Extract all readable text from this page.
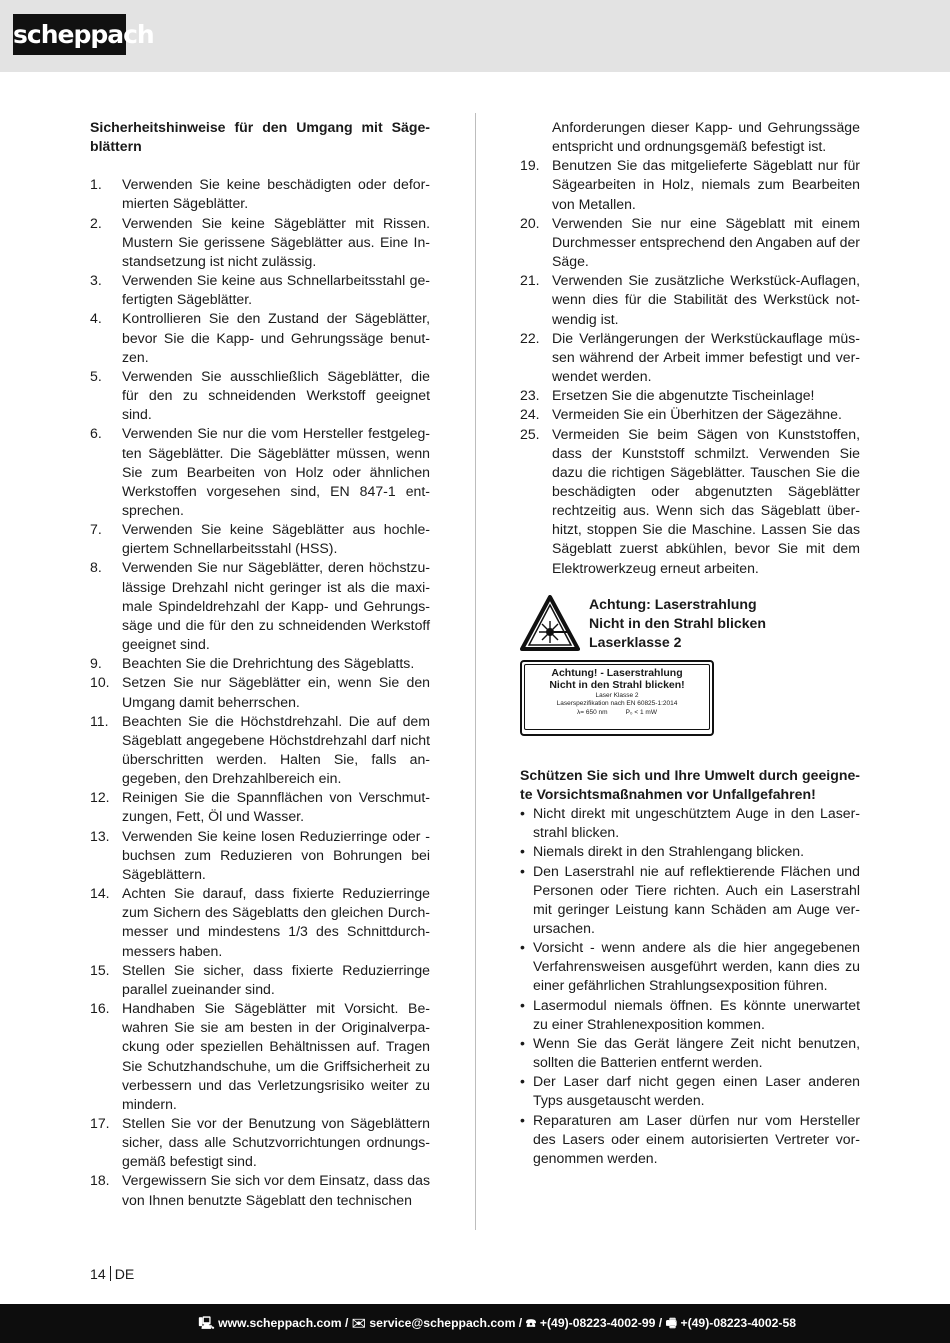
scheppach

Sicherheitshinweise für den Umgang mit Sägeblättern

1. Verwenden Sie keine beschädigten oder deformierten Sägeblätter.
2. Verwenden Sie keine Sägeblätter mit Rissen. Mustern Sie gerissene Sägeblätter aus. Eine Instandsetzung ist nicht zulässig.
3. Verwenden Sie keine aus Schnellarbeitsstahl gefertigten Sägeblätter.
4. Kontrollieren Sie den Zustand der Sägeblätter, bevor Sie die Kapp- und Gehrungssäge benutzen.
5. Verwenden Sie ausschließlich Sägeblätter, die für den zu schneidenden Werkstoff geeignet sind.
6. Verwenden Sie nur die vom Hersteller festgelegten Sägeblätter. Die Sägeblätter müssen, wenn Sie zum Bearbeiten von Holz oder ähnlichen Werkstoffen vorgesehen sind, EN 847-1 entsprechen.
7. Verwenden Sie keine Sägeblätter aus hochlegiertem Schnellarbeitsstahl (HSS).
8. Verwenden Sie nur Sägeblätter, deren höchstzulässige Drehzahl nicht geringer ist als die maximale Spindeldrehzahl der Kapp- und Gehrungssäge und die für den zu schneidenden Werkstoff geeignet sind.
9. Beachten Sie die Drehrichtung des Sägeblatts.
10. Setzen Sie nur Sägeblätter ein, wenn Sie den Umgang damit beherrschen.
11. Beachten Sie die Höchstdrehzahl. Die auf dem Sägeblatt angegebene Höchstdrehzahl darf nicht überschritten werden. Halten Sie, falls angegeben, den Drehzahlbereich ein.
12. Reinigen Sie die Spannflächen von Verschmutzungen, Fett, Öl und Wasser.
13. Verwenden Sie keine losen Reduzierringe oder -buchsen zum Reduzieren von Bohrungen bei Sägeblättern.
14. Achten Sie darauf, dass fixierte Reduzierringe zum Sichern des Sägeblatts den gleichen Durchmesser und mindestens 1/3 des Schnittdurchmessers haben.
15. Stellen Sie sicher, dass fixierte Reduzierringe parallel zueinander sind.
16. Handhaben Sie Sägeblätter mit Vorsicht. Bewahren Sie sie am besten in der Originalverpackung oder speziellen Behältnissen auf. Tragen Sie Schutzhandschuhe, um die Griffsicherheit zu verbessern und das Verletzungsrisiko weiter zu mindern.
17. Stellen Sie vor der Benutzung von Sägeblättern sicher, dass alle Schutzvorrichtungen ordnungsgemäß befestigt sind.
18. Vergewissern Sie sich vor dem Einsatz, dass das von Ihnen benutzte Sägeblatt den technischen
Anforderungen dieser Kapp- und Gehrungssäge entspricht und ordnungsgemäß befestigt ist.
19. Benutzen Sie das mitgelieferte Sägeblatt nur für Sägearbeiten in Holz, niemals zum Bearbeiten von Metallen.
20. Verwenden Sie nur eine Sägeblatt mit einem Durchmesser entsprechend den Angaben auf der Säge.
21. Verwenden Sie zusätzliche Werkstück-Auflagen, wenn dies für die Stabilität des Werkstück notwendig ist.
22. Die Verlängerungen der Werkstückauflage müssen während der Arbeit immer befestigt und verwendet werden.
23. Ersetzen Sie die abgenutzte Tischeinlage!
24. Vermeiden Sie ein Überhitzen der Sägezähne.
25. Vermeiden Sie beim Sägen von Kunststoffen, dass der Kunststoff schmilzt. Verwenden Sie dazu die richtigen Sägeblätter. Tauschen Sie die beschädigten oder abgenutzten Sägeblätter rechtzeitig aus. Wenn sich das Sägeblatt überhitzt, stoppen Sie die Maschine. Lassen Sie das Sägeblatt zuerst abkühlen, bevor Sie mit dem Elektrowerkzeug erneut arbeiten.
Achtung: Laserstrahlung
Nicht in den Strahl blicken
Laserklasse 2
Achtung! - Laserstrahlung
Nicht in den Strahl blicken!
Laser Klasse 2
Laserspezifikation nach EN 60825-1:2014
λ= 650 nm	P₀ < 1 mW

Schützen Sie sich und Ihre Umwelt durch geeignete Vorsichtsmaßnahmen vor Unfallgefahren!

• Nicht direkt mit ungeschütztem Auge in den Laserstrahl blicken.
• Niemals direkt in den Strahlengang blicken.
• Den Laserstrahl nie auf reflektierende Flächen und Personen oder Tiere richten. Auch ein Laserstrahl mit geringer Leistung kann Schäden am Auge verursachen.
• Vorsicht - wenn andere als die hier angegebenen Verfahrensweisen ausgeführt werden, kann dies zu einer gefährlichen Strahlungsexposition führen.
• Lasermodul niemals öffnen. Es könnte unerwartet zu einer Strahlenexposition kommen.
• Wenn Sie das Gerät längere Zeit nicht benutzen, sollten die Batterien entfernt werden.
• Der Laser darf nicht gegen einen Laser anderen Typs ausgetauscht werden.
• Reparaturen am Laser dürfen nur vom Hersteller des Lasers oder einem autorisierten Vertreter vorgenommen werden.
14 DE
🖳 www.scheppach.com / ✉ service@scheppach.com / ☎ +(49)-08223-4002-99 / 🖷 +(49)-08223-4002-58
